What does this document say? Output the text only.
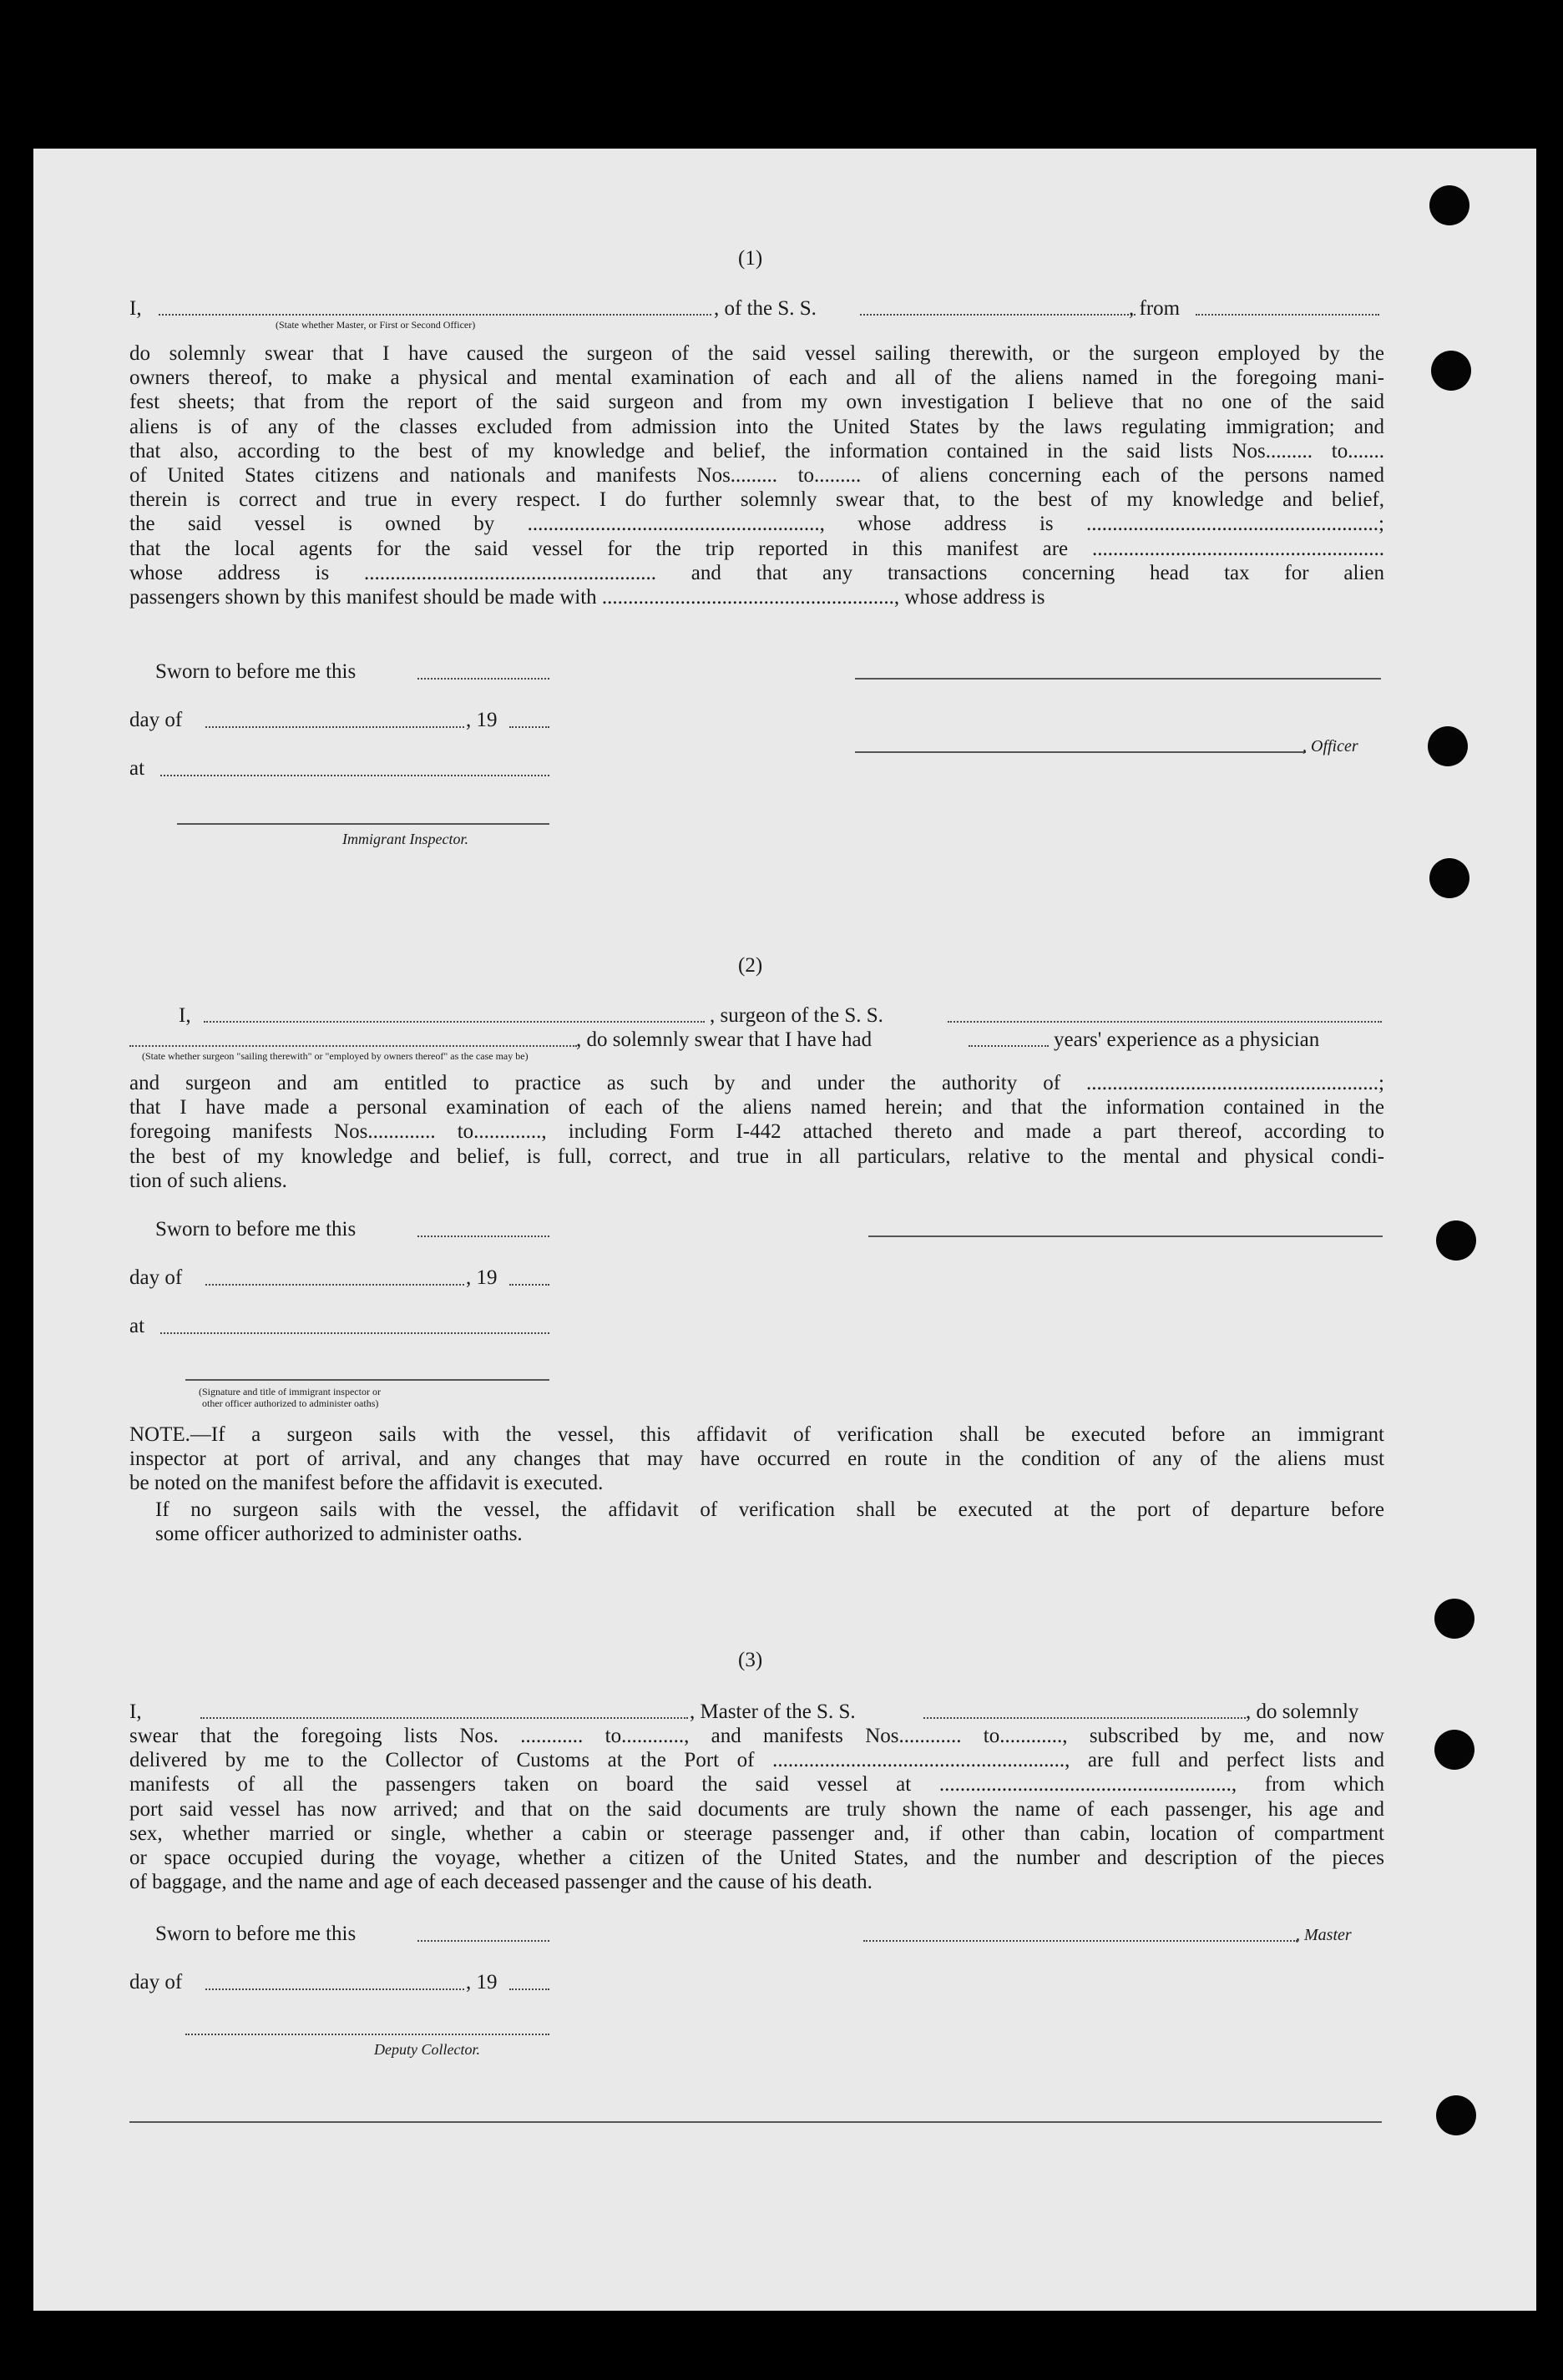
(1)
I,	, of the S. S.	, from
(State whether Master, or First or Second Officer)
do solemnly swear that I have caused the surgeon of the said vessel sailing therewith, or the surgeon employed by the
owners thereof, to make a physical and mental examination of each and all of the aliens named in the foregoing mani-
fest sheets; that from the report of the said surgeon and from my own investigation I believe that no one of the said
aliens is of any of the classes excluded from admission into the United States by the laws regulating immigration; and
that also, according to the best of my knowledge and belief, the information contained in the said lists Nos......... to.......
of United States citizens and nationals and manifests Nos......... to......... of aliens concerning each of the persons named
therein is correct and true in every respect. I do further solemnly swear that, to the best of my knowledge and belief,
the said vessel is owned by ........................................................, whose address is ........................................................;
that the local agents for the said vessel for the trip reported in this manifest are ........................................................
whose address is ........................................................ and that any transactions concerning head tax for alien
passengers shown by this manifest should be made with ........................................................, whose address is
Sworn to before me this
day of	, 19
at
, Officer
Immigrant Inspector.
(2)
I,	, surgeon of the S. S.
, do solemnly swear that I have had	years' experience as a physician
(State whether surgeon "sailing therewith" or "employed by owners thereof" as the case may be)
and surgeon and am entitled to practice as such by and under the authority of ........................................................;
that I have made a personal examination of each of the aliens named herein; and that the information contained in the
foregoing manifests Nos............. to............., including Form I-442 attached thereto and made a part thereof, according to
the best of my knowledge and belief, is full, correct, and true in all particulars, relative to the mental and physical condi-
tion of such aliens.
Sworn to before me this
day of	, 19
at
(Signature and title of immigrant inspector or
other officer authorized to administer oaths)
NOTE.—If a surgeon sails with the vessel, this affidavit of verification shall be executed before an immigrant
inspector at port of arrival, and any changes that may have occurred en route in the condition of any of the aliens must
be noted on the manifest before the affidavit is executed.
If no surgeon sails with the vessel, the affidavit of verification shall be executed at the port of departure before
some officer authorized to administer oaths.
(3)
I,	, Master of the S. S.	, do solemnly
swear that the foregoing lists Nos. ............ to............, and manifests Nos............ to............, subscribed by me, and now
delivered by me to the Collector of Customs at the Port of ........................................................, are full and perfect lists and
manifests of all the passengers taken on board the said vessel at ........................................................, from which
port said vessel has now arrived; and that on the said documents are truly shown the name of each passenger, his age and
sex, whether married or single, whether a cabin or steerage passenger and, if other than cabin, location of compartment
or space occupied during the voyage, whether a citizen of the United States, and the number and description of the pieces
of baggage, and the name and age of each deceased passenger and the cause of his death.
Sworn to before me this	, Master
day of	, 19
Deputy Collector.
